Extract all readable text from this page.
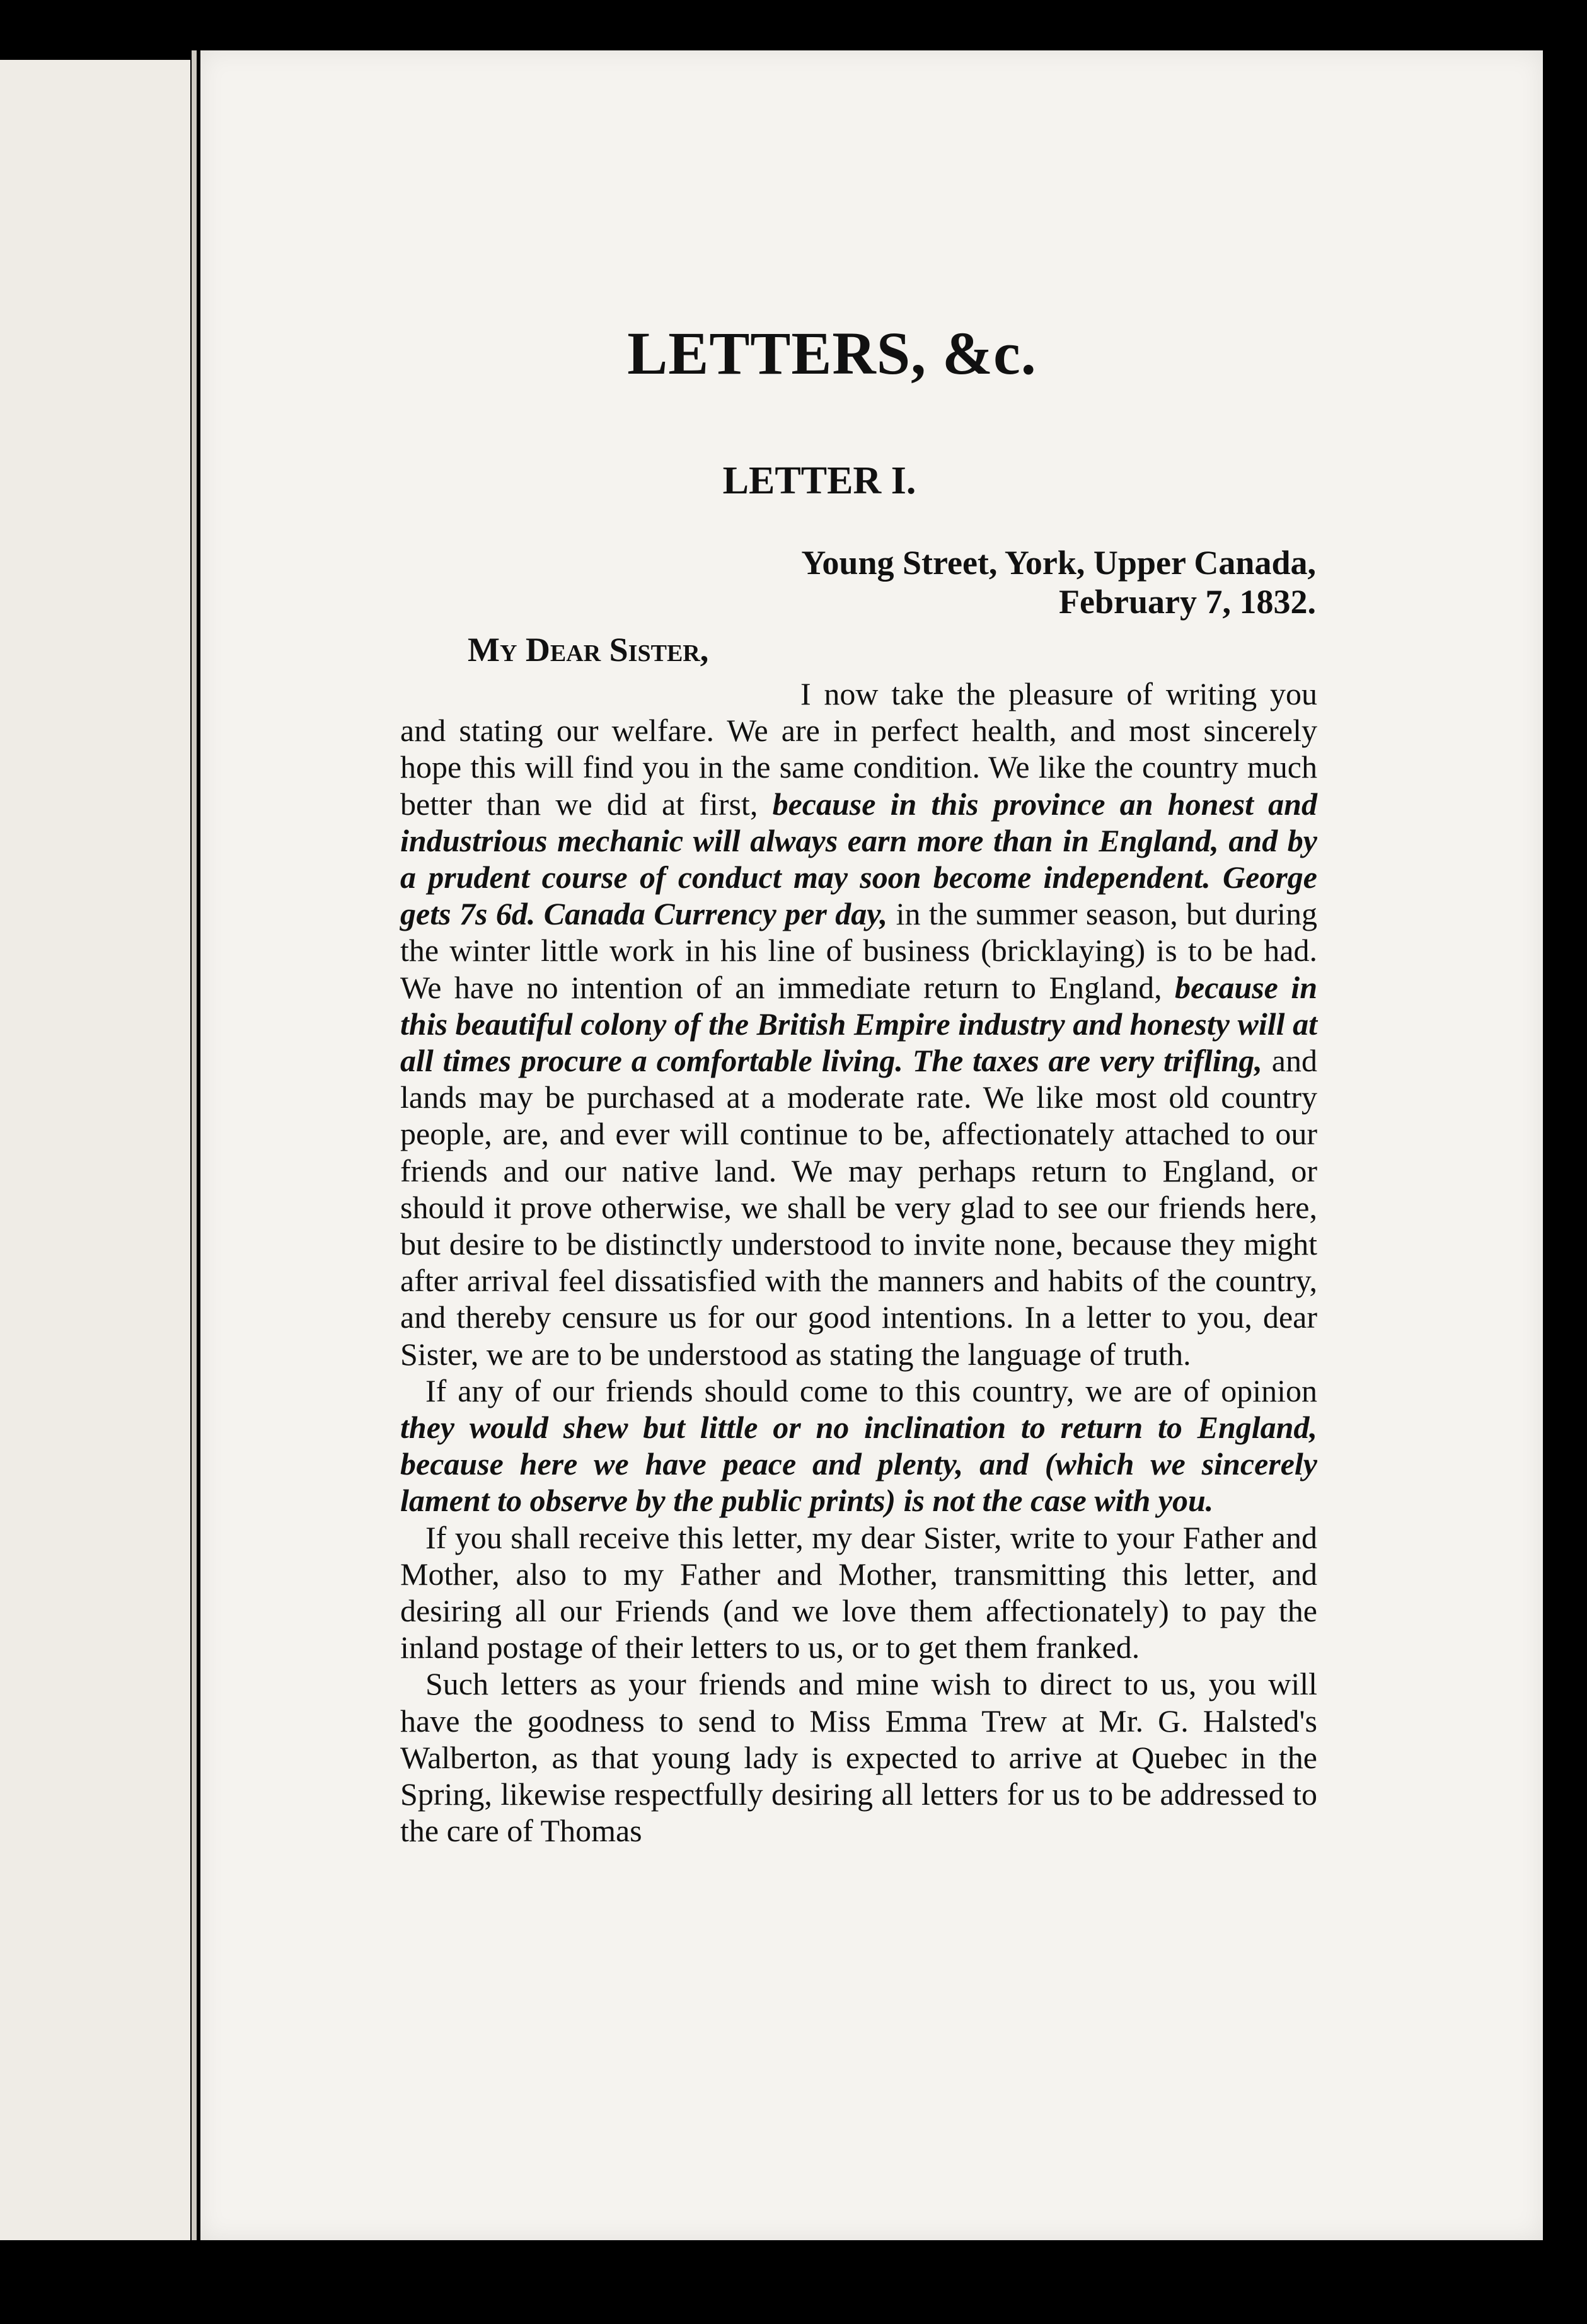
LETTERS, &c.
LETTER I.
Young Street, York, Upper Canada,
February 7, 1832.
My Dear Sister,

I now take the pleasure of writing you and stating our welfare. We are in perfect health, and most sincerely hope this will find you in the same condition. We like the country much better than we did at first, because in this province an honest and industrious mechanic will always earn more than in England, and by a prudent course of conduct may soon become independent. George gets 7s 6d. Canada Currency per day, in the summer season, but during the winter little work in his line of business (bricklaying) is to be had. We have no intention of an immediate return to England, because in this beautiful colony of the British Empire industry and honesty will at all times procure a comfortable living. The taxes are very trifling, and lands may be purchased at a moderate rate. We like most old country people, are, and ever will continue to be, affectionately attached to our friends and our native land. We may perhaps return to England, or should it prove otherwise, we shall be very glad to see our friends here, but desire to be distinctly understood to invite none, because they might after arrival feel dissatisfied with the manners and habits of the country, and thereby censure us for our good intentions. In a letter to you, dear Sister, we are to be understood as stating the language of truth.

If any of our friends should come to this country, we are of opinion they would shew but little or no inclination to return to England, because here we have peace and plenty, and (which we sincerely lament to observe by the public prints) is not the case with you.

If you shall receive this letter, my dear Sister, write to your Father and Mother, also to my Father and Mother, transmitting this letter, and desiring all our Friends (and we love them affectionately) to pay the inland postage of their letters to us, or to get them franked.

Such letters as your friends and mine wish to direct to us, you will have the goodness to send to Miss Emma Trew at Mr. G. Halsted's Walberton, as that young lady is expected to arrive at Quebec in the Spring, likewise respectfully desiring all letters for us to be addressed to the care of Thomas
